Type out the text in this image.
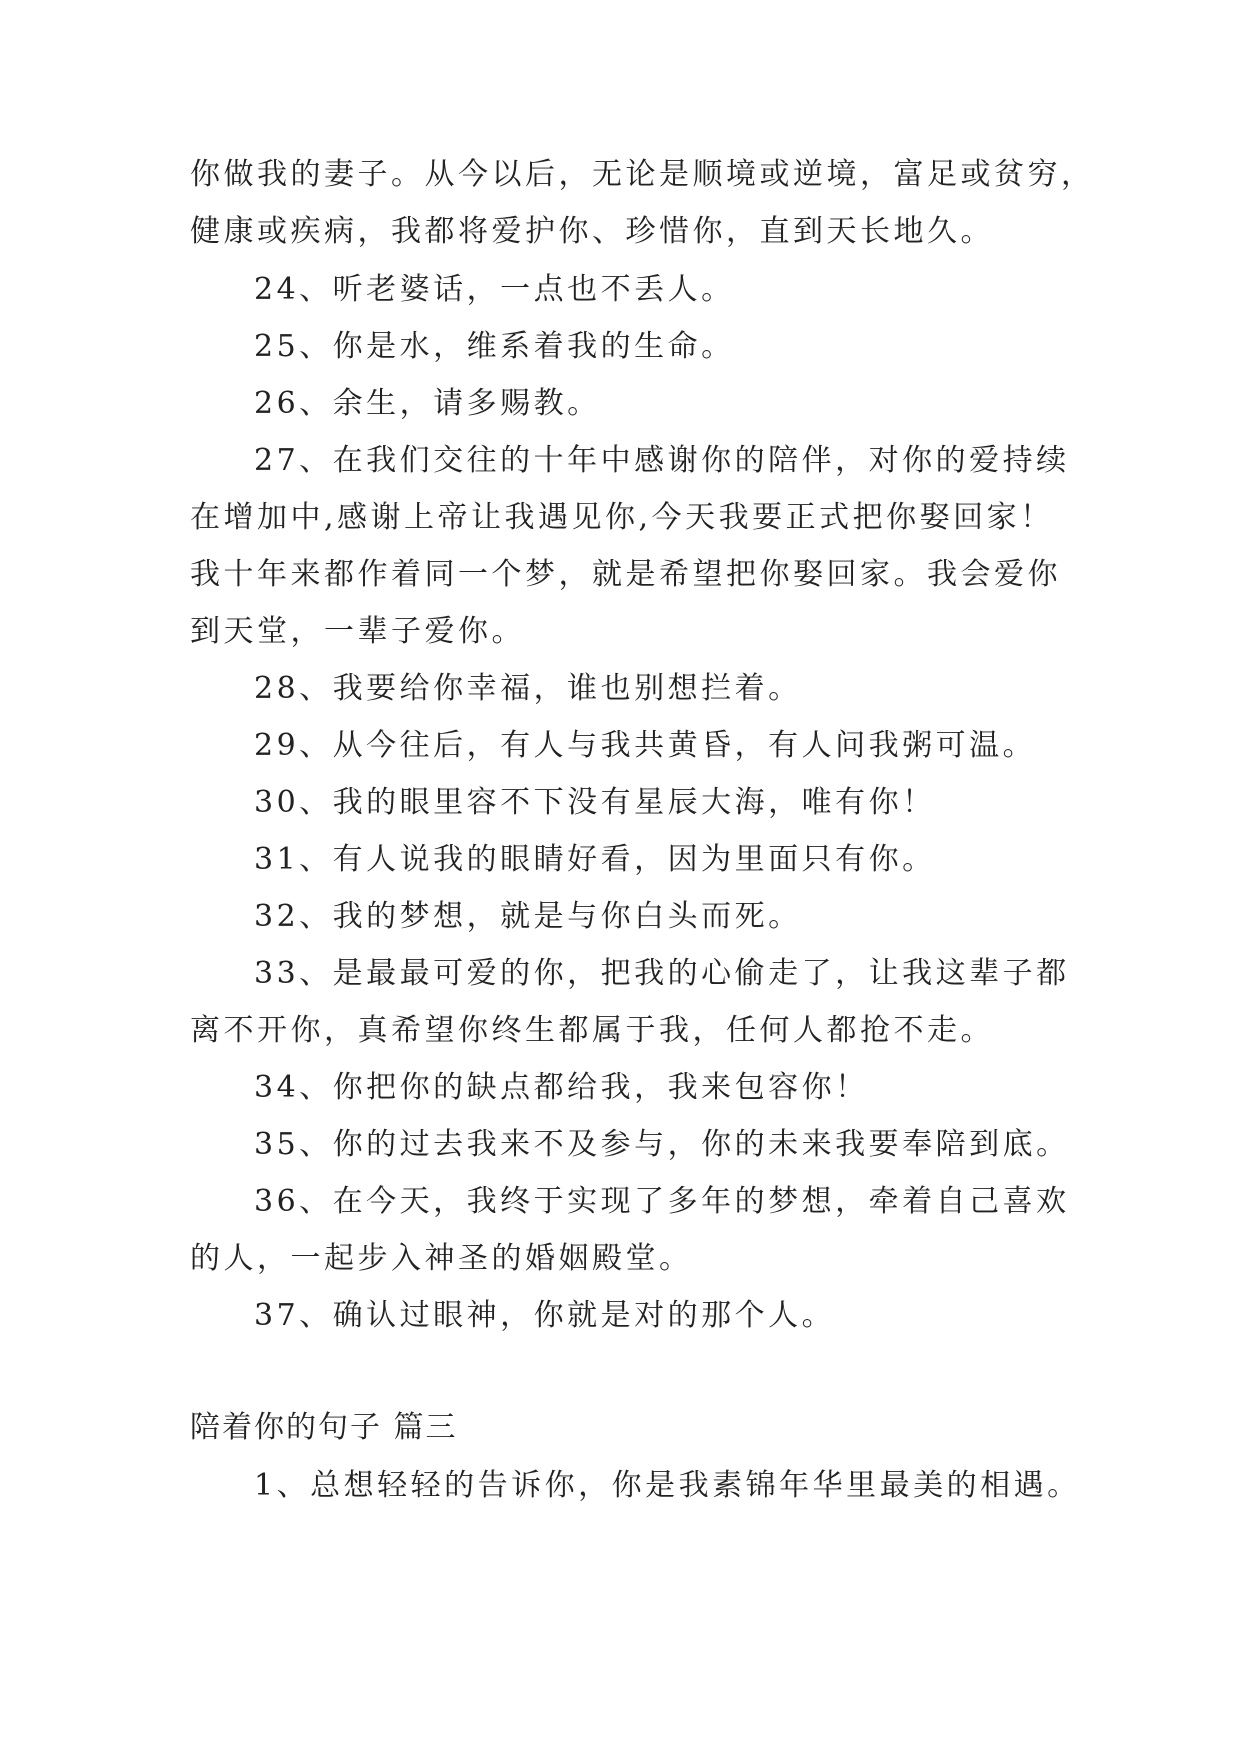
你做我的妻子。从今以后，无论是顺境或逆境，富足或贫穷，
健康或疾病，我都将爱护你、珍惜你，直到天长地久。
24、听老婆话，一点也不丢人。
25、你是水，维系着我的生命。
26、余生，请多赐教。
27、在我们交往的十年中感谢你的陪伴，对你的爱持续
在增加中,感谢上帝让我遇见你,今天我要正式把你娶回家！
我十年来都作着同一个梦，就是希望把你娶回家。我会爱你
到天堂，一辈子爱你。
28、我要给你幸福，谁也别想拦着。
29、从今往后，有人与我共黄昏，有人问我粥可温。
30、我的眼里容不下没有星辰大海，唯有你！
31、有人说我的眼睛好看，因为里面只有你。
32、我的梦想，就是与你白头而死。
33、是最最可爱的你，把我的心偷走了，让我这辈子都
离不开你，真希望你终生都属于我，任何人都抢不走。
34、你把你的缺点都给我，我来包容你！
35、你的过去我来不及参与，你的未来我要奉陪到底。
36、在今天，我终于实现了多年的梦想，牵着自己喜欢
的人，一起步入神圣的婚姻殿堂。
37、确认过眼神，你就是对的那个人。
陪着你的句子 篇三
1、总想轻轻的告诉你，你是我素锦年华里最美的相遇。
